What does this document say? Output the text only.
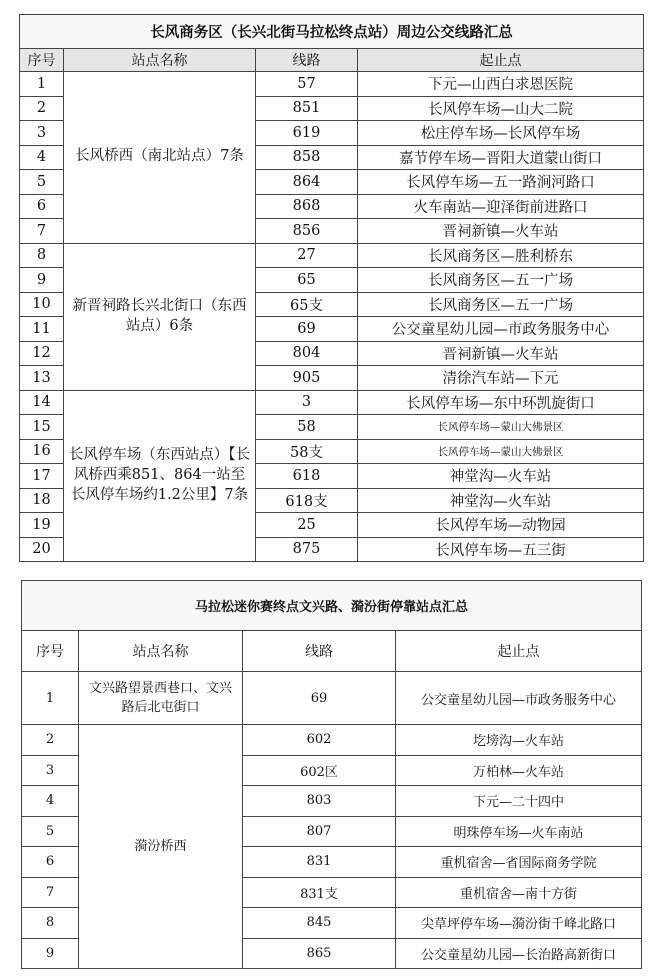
长风商务区（长兴北街马拉松终点站）周边公交线路汇总			
序号	站点名称	线路	起止点
1	长风桥西（南北站点）7条	57	下元—山西白求恩医院
2		851	长风停车场—山大二院
3		619	松庄停车场—长风停车场
4		858	嘉节停车场—晋阳大道蒙山街口
5		864	长风停车场—五一路涧河路口
6		868	火车南站—迎泽街前进路口
7		856	晋祠新镇—火车站
8	新晋祠路长兴北街口（东西站点）6条	27	长风商务区—胜利桥东
9		65	长风商务区—五一广场
10		65支	长风商务区—五一广场
11		69	公交童星幼儿园—市政务服务中心
12		804	晋祠新镇—火车站
13		905	清徐汽车站—下元
14	长风停车场（东西站点）【长风桥西乘851、864一站至长风停车场约1.2公里】7条	3	长风停车场—东中环凯旋街口
15		58	长风停车场—蒙山大佛景区
16		58支	长风停车场—蒙山大佛景区
17		618	神堂沟—火车站
18		618支	神堂沟—火车站
19		25	长风停车场—动物园
20		875	长风停车场—五三街
马拉松迷你赛终点文兴路、漪汾街停靠站点汇总			
序号	站点名称	线路	起止点
1	文兴路望景西巷口、文兴路后北屯街口	69	公交童星幼儿园—市政务服务中心
2	漪汾桥西	602	圪塝沟—火车站
3		602区	万柏林—火车站
4		803	下元—二十四中
5		807	明珠停车场—火车南站
6		831	重机宿舍—省国际商务学院
7		831支	重机宿舍—南十方街
8		845	尖草坪停车场—漪汾街千峰北路口
9		865	公交童星幼儿园—长治路高新街口
